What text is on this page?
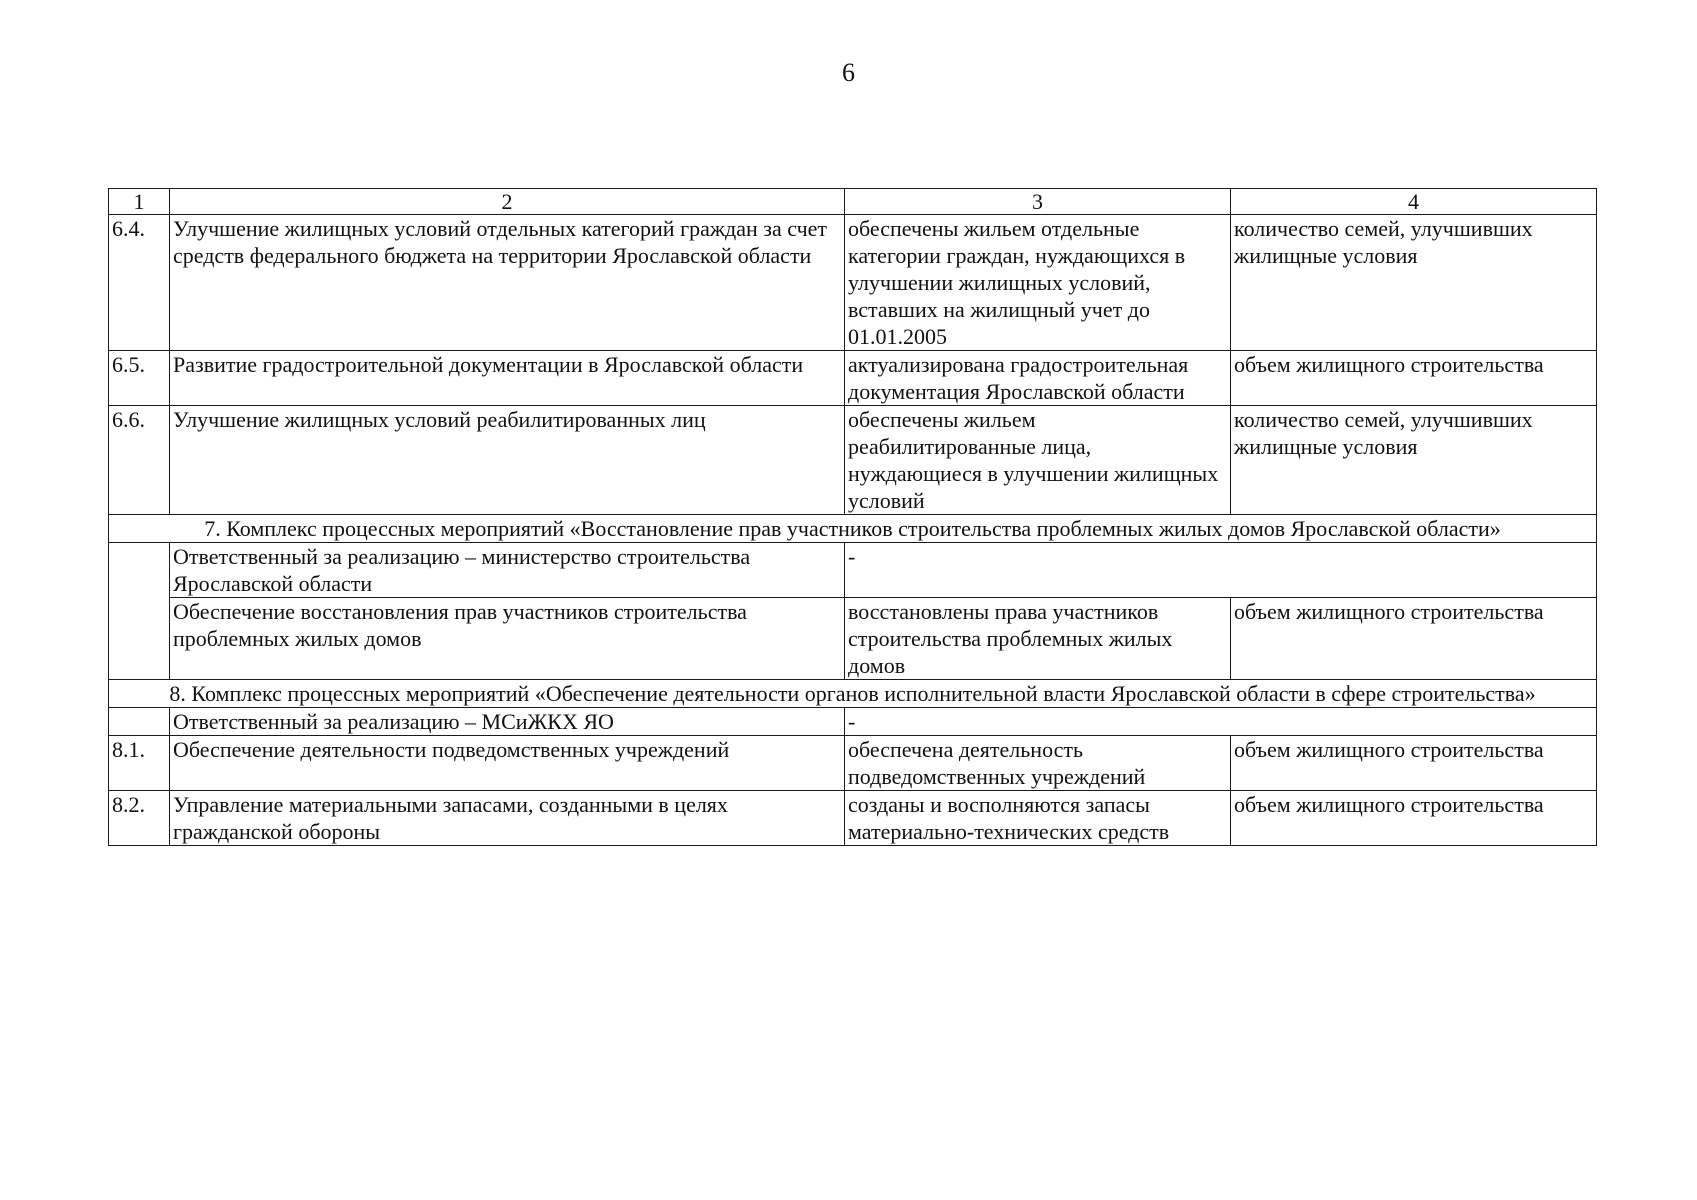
6
1	2	3	4
6.4.	Улучшение жилищных условий отдельных категорий граждан за счет средств федерального бюджета на территории Ярославской области	обеспечены жильем отдельные категории граждан, нуждающихся в улучшении жилищных условий, вставших на жилищный учет до 01.01.2005	количество семей, улучшивших жилищные условия
6.5.	Развитие градостроительной документации в Ярославской области	актуализирована градостроительная документация Ярославской области	объем жилищного строительства
6.6.	Улучшение жилищных условий реабилитированных лиц	обеспечены жильем реабилитированные лица, нуждающиеся в улучшении жилищных условий	количество семей, улучшивших жилищные условия
7. Комплекс процессных мероприятий «Восстановление прав участников строительства проблемных жилых домов Ярославской области»			
	Ответственный за реализацию – министерство строительства Ярославской области	-	
	Обеспечение восстановления прав участников строительства проблемных жилых домов	восстановлены права участников строительства проблемных жилых домов	объем жилищного строительства
8. Комплекс процессных мероприятий «Обеспечение деятельности органов исполнительной власти Ярославской области в сфере строительства»			
	Ответственный за реализацию – МСиЖКХ ЯО	-	
8.1.	Обеспечение деятельности подведомственных учреждений	обеспечена деятельность подведомственных учреждений	объем жилищного строительства
8.2.	Управление материальными запасами, созданными в целях гражданской обороны	созданы и восполняются запасы материально-технических средств	объем жилищного строительства
